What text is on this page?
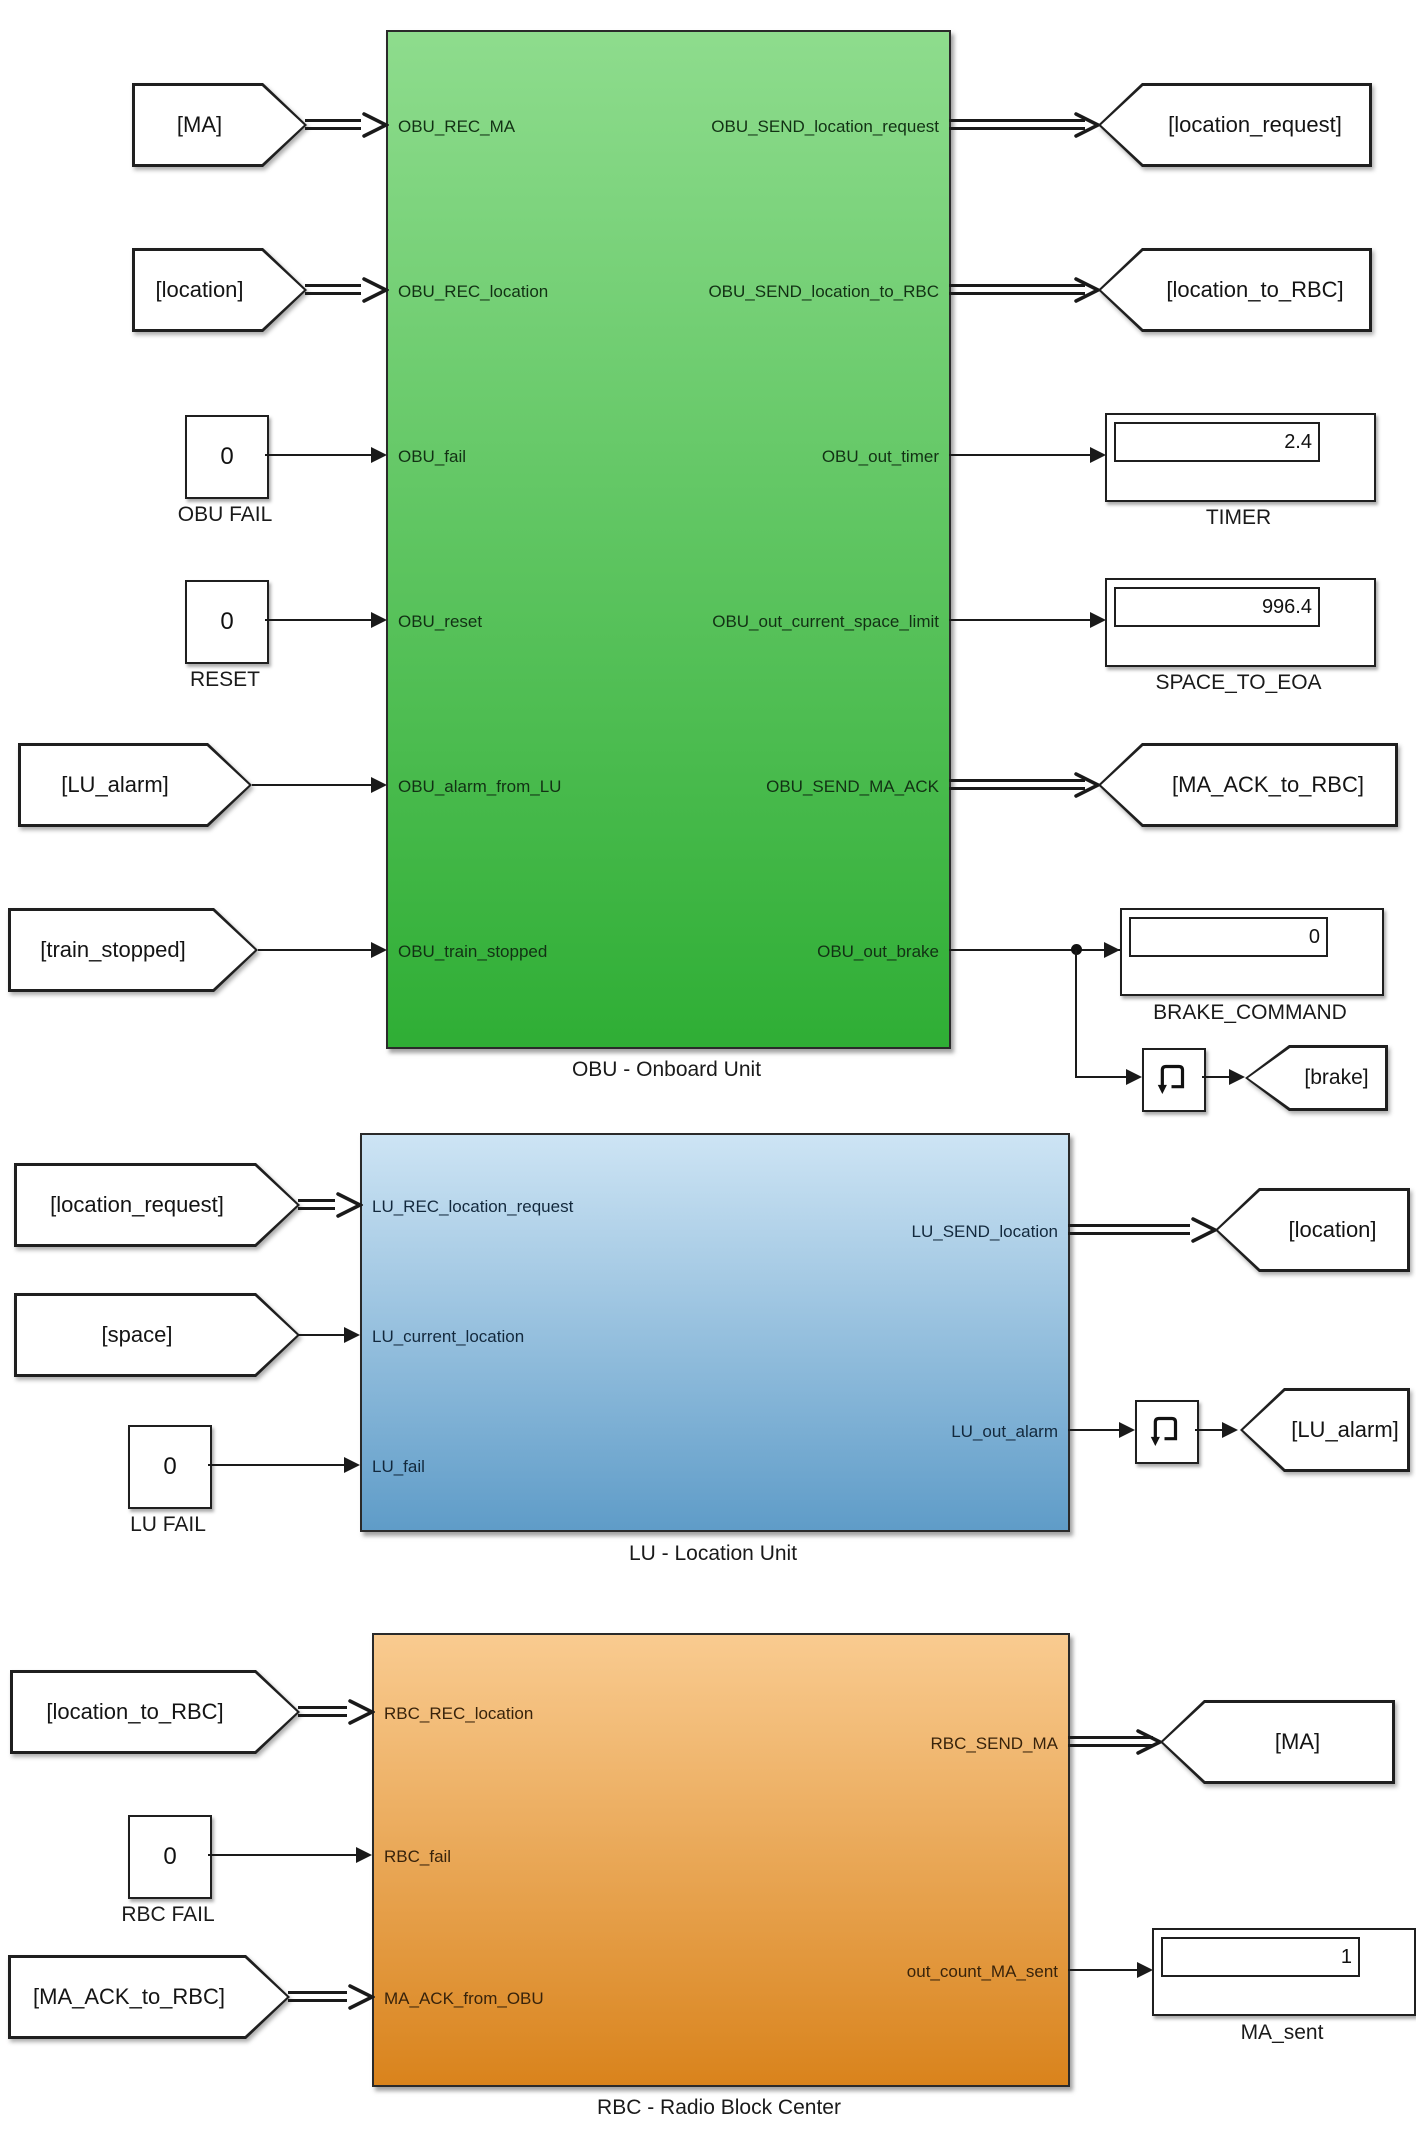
OBU_REC_MA
OBU_REC_location
OBU_fail
OBU_reset
OBU_alarm_from_LU
OBU_train_stopped
OBU_SEND_location_request
OBU_SEND_location_to_RBC
OBU_out_timer
OBU_out_current_space_limit
OBU_SEND_MA_ACK
OBU_out_brake
OBU - Onboard Unit
[MA]
[location]
0
OBU FAIL
0
RESET
[LU_alarm]
[train_stopped]
[location_request]
[location_to_RBC]
2.4
TIMER
996.4
SPACE_TO_EOA
[MA_ACK_to_RBC]
0
BRAKE_COMMAND
[brake]
LU_REC_location_request
LU_current_location
LU_fail
LU_SEND_location
LU_out_alarm
LU - Location Unit
[location_request]
[space]
0
LU FAIL
[location]
[LU_alarm]
RBC_REC_location
RBC_fail
MA_ACK_from_OBU
RBC_SEND_MA
out_count_MA_sent
RBC - Radio Block Center
[location_to_RBC]
0
RBC FAIL
[MA_ACK_to_RBC]
[MA]
1
MA_sent
